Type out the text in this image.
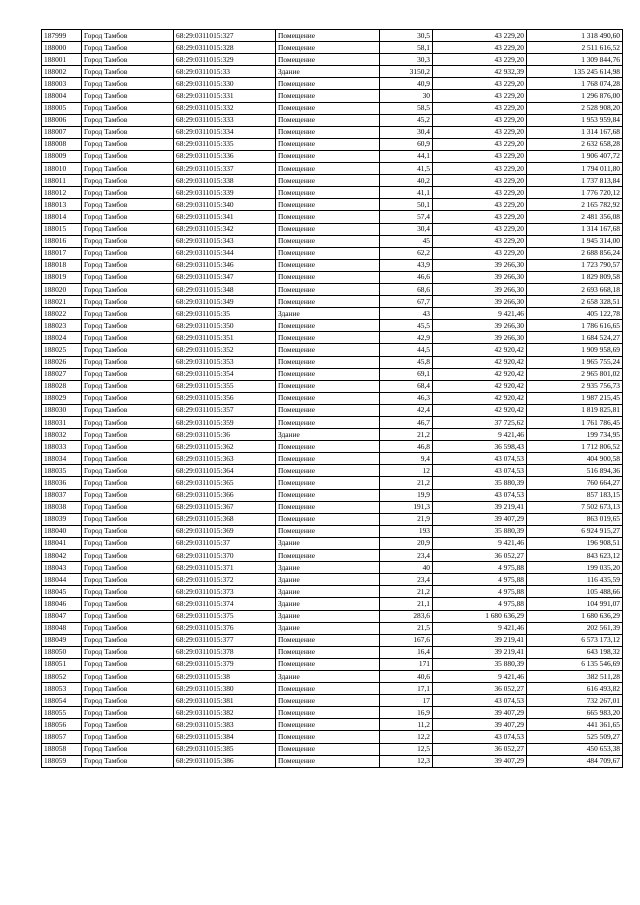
187999	Город Тамбов	68:29:0311015:327	Помещение	30,5	43 229,20	1 318 490,60
188000	Город Тамбов	68:29:0311015:328	Помещение	58,1	43 229,20	2 511 616,52
188001	Город Тамбов	68:29:0311015:329	Помещение	30,3	43 229,20	1 309 844,76
188002	Город Тамбов	68:29:0311015:33	Здание	3150,2	42 932,39	135 245 614,98
188003	Город Тамбов	68:29:0311015:330	Помещение	40,9	43 229,20	1 768 074,28
188004	Город Тамбов	68:29:0311015:331	Помещение	30	43 229,20	1 296 876,00
188005	Город Тамбов	68:29:0311015:332	Помещение	58,5	43 229,20	2 528 908,20
188006	Город Тамбов	68:29:0311015:333	Помещение	45,2	43 229,20	1 953 959,84
188007	Город Тамбов	68:29:0311015:334	Помещение	30,4	43 229,20	1 314 167,68
188008	Город Тамбов	68:29:0311015:335	Помещение	60,9	43 229,20	2 632 658,28
188009	Город Тамбов	68:29:0311015:336	Помещение	44,1	43 229,20	1 906 407,72
188010	Город Тамбов	68:29:0311015:337	Помещение	41,5	43 229,20	1 794 011,80
188011	Город Тамбов	68:29:0311015:338	Помещение	40,2	43 229,20	1 737 813,84
188012	Город Тамбов	68:29:0311015:339	Помещение	41,1	43 229,20	1 776 720,12
188013	Город Тамбов	68:29:0311015:340	Помещение	50,1	43 229,20	2 165 782,92
188014	Город Тамбов	68:29:0311015:341	Помещение	57,4	43 229,20	2 481 356,08
188015	Город Тамбов	68:29:0311015:342	Помещение	30,4	43 229,20	1 314 167,68
188016	Город Тамбов	68:29:0311015:343	Помещение	45	43 229,20	1 945 314,00
188017	Город Тамбов	68:29:0311015:344	Помещение	62,2	43 229,20	2 688 856,24
188018	Город Тамбов	68:29:0311015:346	Помещение	43,9	39 266,30	1 723 790,57
188019	Город Тамбов	68:29:0311015:347	Помещение	46,6	39 266,30	1 829 809,58
188020	Город Тамбов	68:29:0311015:348	Помещение	68,6	39 266,30	2 693 668,18
188021	Город Тамбов	68:29:0311015:349	Помещение	67,7	39 266,30	2 658 328,51
188022	Город Тамбов	68:29:0311015:35	Здание	43	9 421,46	405 122,78
188023	Город Тамбов	68:29:0311015:350	Помещение	45,5	39 266,30	1 786 616,65
188024	Город Тамбов	68:29:0311015:351	Помещение	42,9	39 266,30	1 684 524,27
188025	Город Тамбов	68:29:0311015:352	Помещение	44,5	42 920,42	1 909 958,69
188026	Город Тамбов	68:29:0311015:353	Помещение	45,8	42 920,42	1 965 755,24
188027	Город Тамбов	68:29:0311015:354	Помещение	69,1	42 920,42	2 965 801,02
188028	Город Тамбов	68:29:0311015:355	Помещение	68,4	42 920,42	2 935 756,73
188029	Город Тамбов	68:29:0311015:356	Помещение	46,3	42 920,42	1 987 215,45
188030	Город Тамбов	68:29:0311015:357	Помещение	42,4	42 920,42	1 819 825,81
188031	Город Тамбов	68:29:0311015:359	Помещение	46,7	37 725,62	1 761 786,45
188032	Город Тамбов	68:29:0311015:36	Здание	21,2	9 421,46	199 734,95
188033	Город Тамбов	68:29:0311015:362	Помещение	46,8	36 598,43	1 712 806,52
188034	Город Тамбов	68:29:0311015:363	Помещение	9,4	43 074,53	404 900,58
188035	Город Тамбов	68:29:0311015:364	Помещение	12	43 074,53	516 894,36
188036	Город Тамбов	68:29:0311015:365	Помещение	21,2	35 880,39	760 664,27
188037	Город Тамбов	68:29:0311015:366	Помещение	19,9	43 074,53	857 183,15
188038	Город Тамбов	68:29:0311015:367	Помещение	191,3	39 219,41	7 502 673,13
188039	Город Тамбов	68:29:0311015:368	Помещение	21,9	39 407,29	863 019,65
188040	Город Тамбов	68:29:0311015:369	Помещение	193	35 880,39	6 924 915,27
188041	Город Тамбов	68:29:0311015:37	Здание	20,9	9 421,46	196 908,51
188042	Город Тамбов	68:29:0311015:370	Помещение	23,4	36 052,27	843 623,12
188043	Город Тамбов	68:29:0311015:371	Здание	40	4 975,88	199 035,20
188044	Город Тамбов	68:29:0311015:372	Здание	23,4	4 975,88	116 435,59
188045	Город Тамбов	68:29:0311015:373	Здание	21,2	4 975,88	105 488,66
188046	Город Тамбов	68:29:0311015:374	Здание	21,1	4 975,88	104 991,07
188047	Город Тамбов	68:29:0311015:375	Здание	283,6	1 680 636,29	1 680 636,29
188048	Город Тамбов	68:29:0311015:376	Здание	21,5	9 421,46	202 561,39
188049	Город Тамбов	68:29:0311015:377	Помещение	167,6	39 219,41	6 573 173,12
188050	Город Тамбов	68:29:0311015:378	Помещение	16,4	39 219,41	643 198,32
188051	Город Тамбов	68:29:0311015:379	Помещение	171	35 880,39	6 135 546,69
188052	Город Тамбов	68:29:0311015:38	Здание	40,6	9 421,46	382 511,28
188053	Город Тамбов	68:29:0311015:380	Помещение	17,1	36 052,27	616 493,82
188054	Город Тамбов	68:29:0311015:381	Помещение	17	43 074,53	732 267,01
188055	Город Тамбов	68:29:0311015:382	Помещение	16,9	39 407,29	665 983,20
188056	Город Тамбов	68:29:0311015:383	Помещение	11,2	39 407,29	441 361,65
188057	Город Тамбов	68:29:0311015:384	Помещение	12,2	43 074,53	525 509,27
188058	Город Тамбов	68:29:0311015:385	Помещение	12,5	36 052,27	450 653,38
188059	Город Тамбов	68:29:0311015:386	Помещение	12,3	39 407,29	484 709,67
